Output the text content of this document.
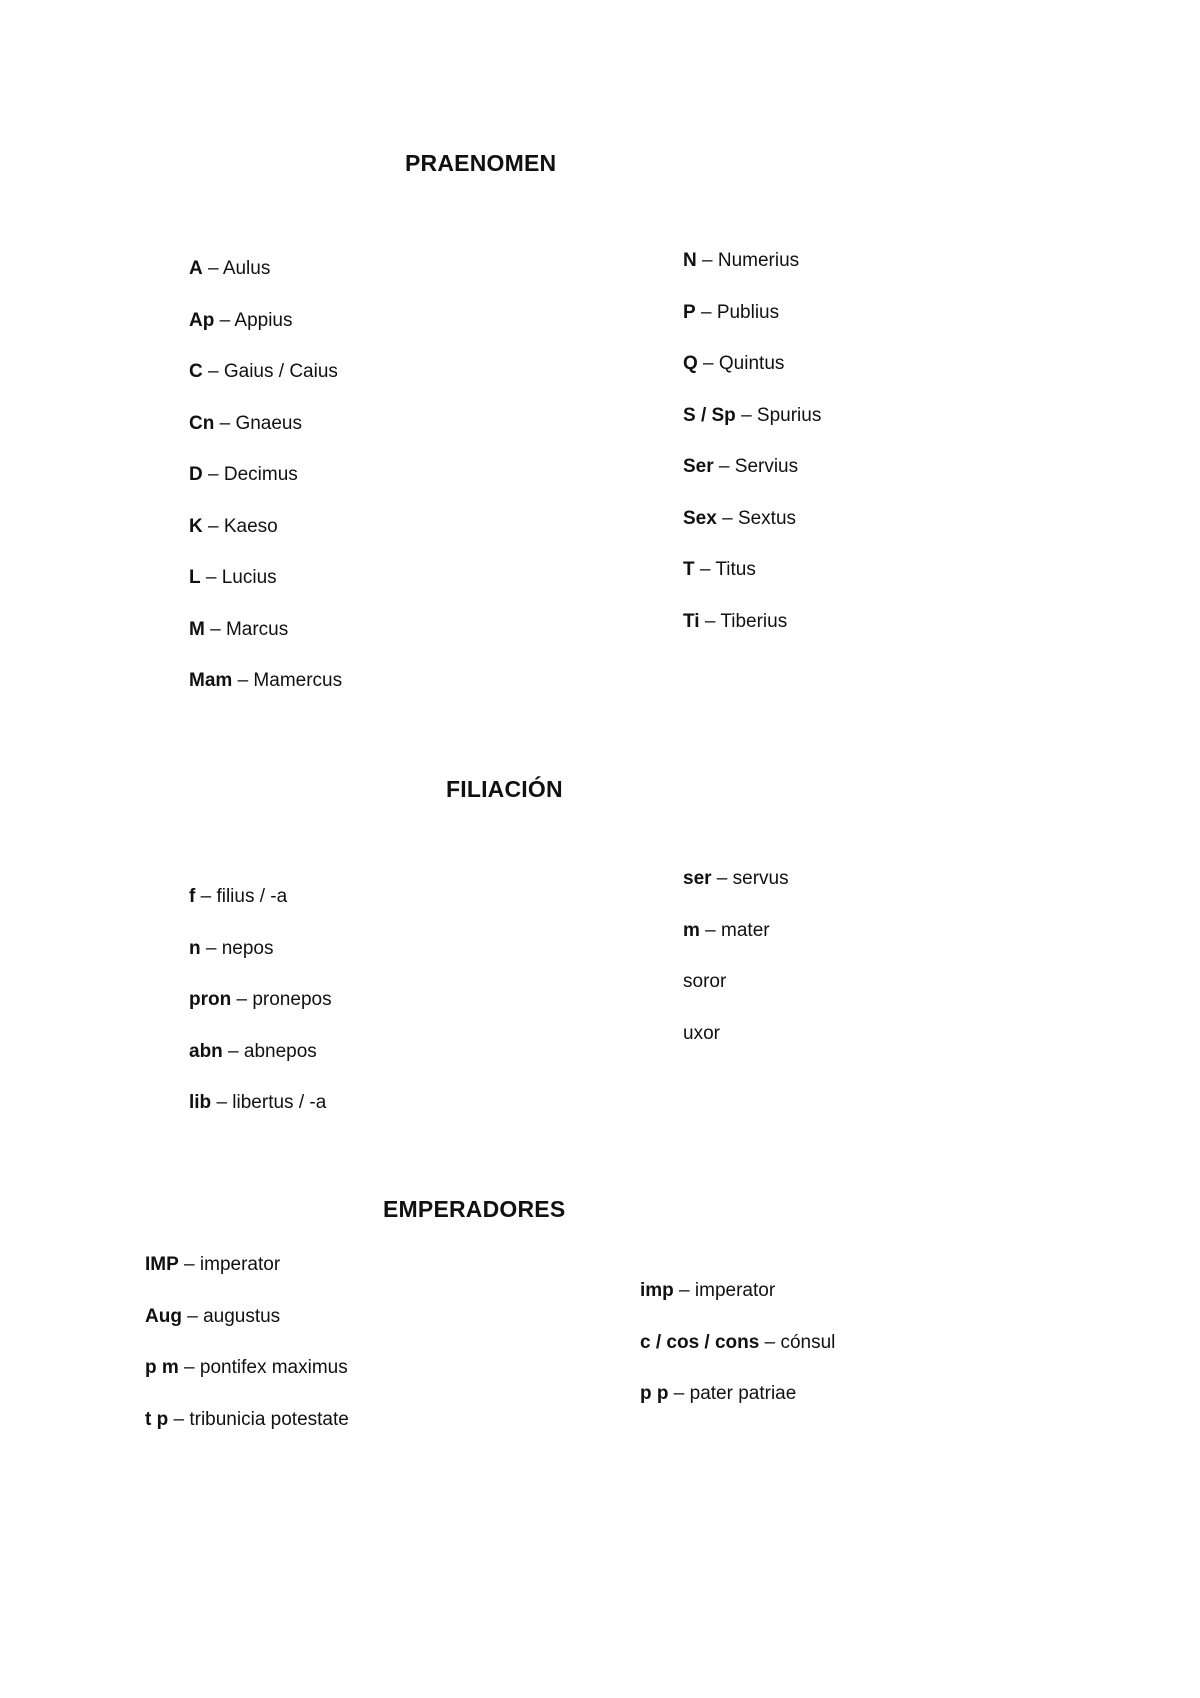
PRAENOMEN
A – Aulus
Ap – Appius
C – Gaius / Caius
Cn – Gnaeus
D – Decimus
K – Kaeso
L – Lucius
M – Marcus
Mam – Mamercus
N – Numerius
P – Publius
Q – Quintus
S / Sp – Spurius
Ser – Servius
Sex – Sextus
T – Titus
Ti – Tiberius
FILIACIÓN
f – filius / -a
n – nepos
pron – pronepos
abn – abnepos
lib – libertus / -a
ser – servus
m – mater
soror
uxor
EMPERADORES
IMP – imperator
Aug – augustus
p m – pontifex maximus
t p – tribunicia potestate
imp – imperator
c / cos / cons – cónsul
p p – pater patriae
